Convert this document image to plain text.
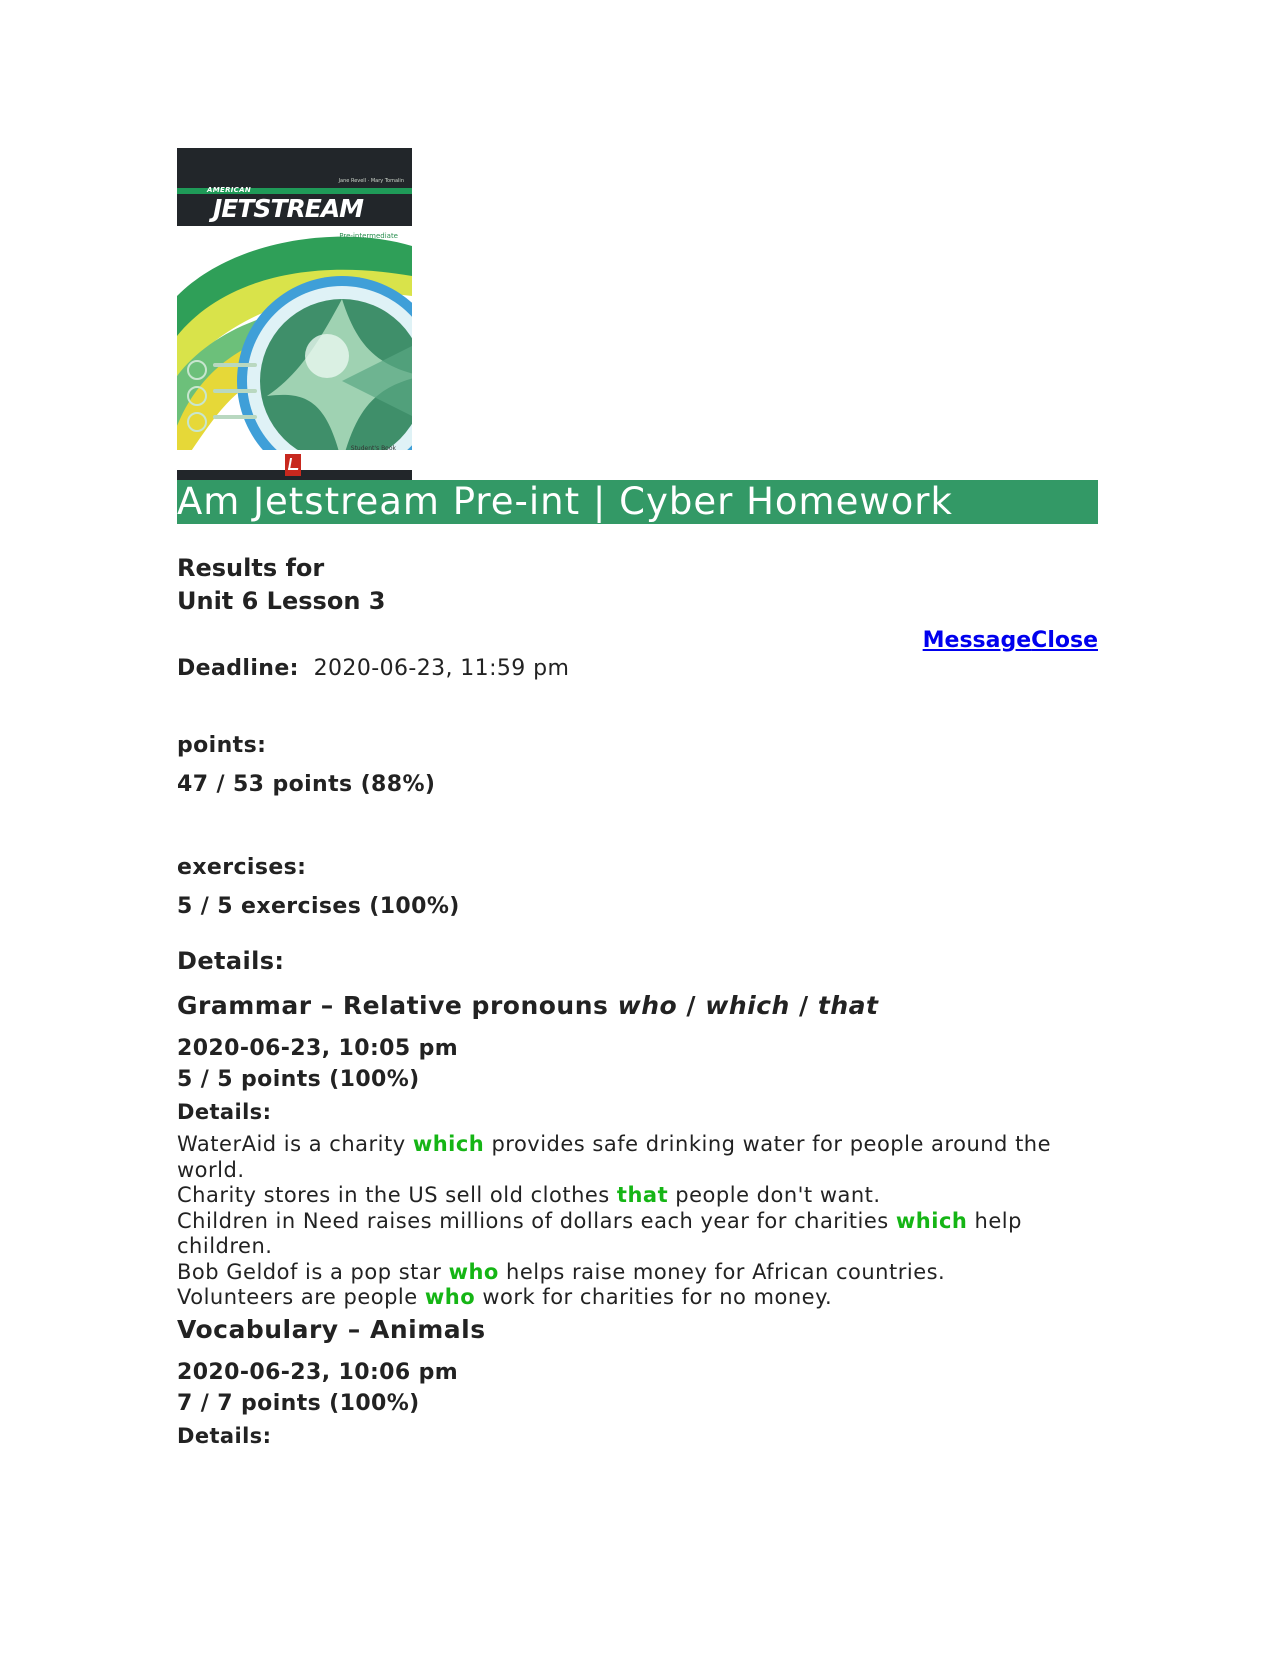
Jane Revell · Mary Tomalin
AMERICAN
JETSTREAM
Pre-intermediate
Student's Book
Am Jetstream Pre-int | Cyber Homework
Results for
Unit 6 Lesson 3
MessageClose
Deadline: 2020-06-23, 11:59 pm
points:
47 / 53 points (88%)
exercises:
5 / 5 exercises (100%)
Details:
Grammar – Relative pronouns who / which / that
2020-06-23, 10:05 pm
5 / 5 points (100%)
Details:
WaterAid is a charity which provides safe drinking water for people around the world.
Charity stores in the US sell old clothes that people don't want.
Children in Need raises millions of dollars each year for charities which help children.
Bob Geldof is a pop star who helps raise money for African countries.
Volunteers are people who work for charities for no money.
Vocabulary – Animals
2020-06-23, 10:06 pm
7 / 7 points (100%)
Details:
